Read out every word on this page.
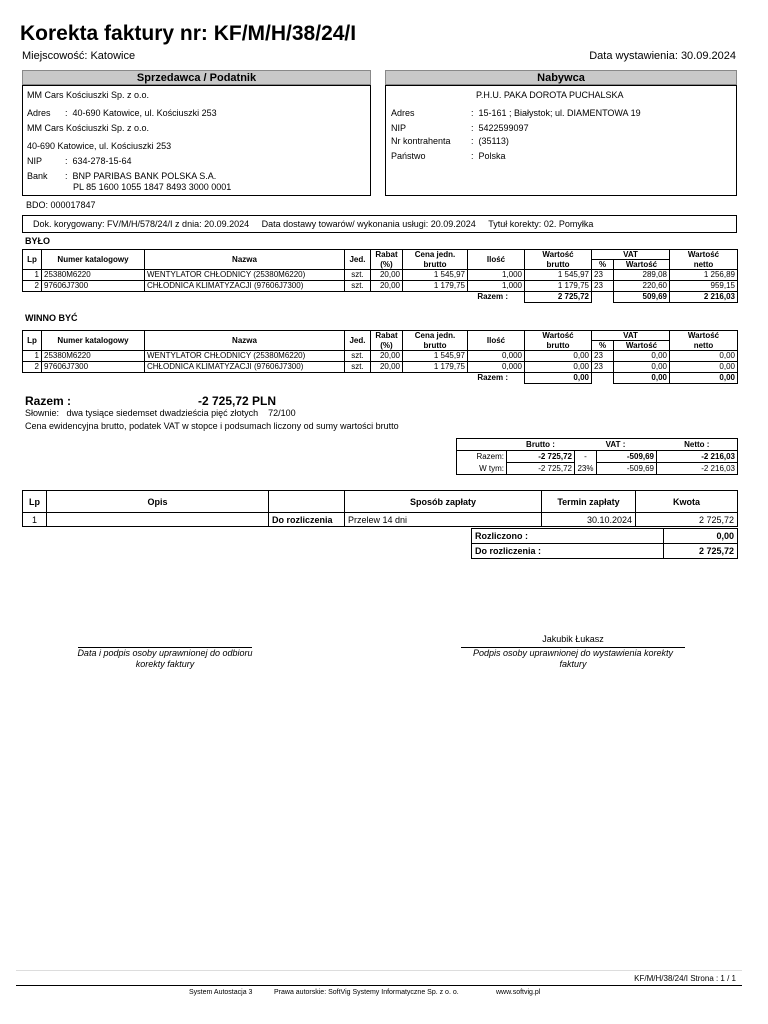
Korekta faktury nr: KF/M/H/38/24/I
Miejscowość: Katowice	Data wystawienia: 30.09.2024
Sprzedawca / Podatnik
MM Cars Kościuszki Sp. z o.o.
Adres :  40-690 Katowice, ul. Kościuszki 253
MM Cars Kościuszki Sp. z o.o.
40-690 Katowice, ul. Kościuszki 253
NIP	:  634-278-15-64
Bank :  BNP PARIBAS BANK POLSKA S.A.
PL 85 1600 1055 1847 8493 3000 0001
Nabywca
P.H.U. PAKA DOROTA PUCHALSKA
Adres	:  15-161 ; Białystok; ul. DIAMENTOWA 19
NIP	:  5422599097
Nr kontrahenta :  (35113)
Państwo	:  Polska
BDO: 000017847
Dok. korygowany: FV/M/H/578/24/I z dnia: 20.09.2024 Data dostawy towarów/ wykonania usługi: 20.09.2024 Tytuł korekty: 02. Pomyłka
BYŁO
Lp	Numer katalogowy	Nazwa	Jed.	Rabat	Cena jedn.	Ilość	Wartość	VAT		Wartość
				(%)	brutto		brutto	%	Wartość	netto
1	25380M6220	WENTYLATOR CHŁODNICY (25380M6220)	szt.	20,00	1 545,97	1,000	1 545,97	23	289,08	1 256,89
2	97606J7300	CHŁODNICA KLIMATYZACJI (97606J7300)	szt.	20,00	1 179,75	1,000	1 179,75	23	220,60	959,15
Razem :							2 725,72		509,69	2 216,03
WINNO BYĆ
Lp	Numer katalogowy	Nazwa	Jed.	Rabat	Cena jedn.	Ilość	Wartość	VAT		Wartość
				(%)	brutto		brutto	%	Wartość	netto
1	25380M6220	WENTYLATOR CHŁODNICY (25380M6220)	szt.	20,00	1 545,97	0,000	0,00	23	0,00	0,00
2	97606J7300	CHŁODNICA KLIMATYZACJI (97606J7300)	szt.	20,00	1 179,75	0,000	0,00	23	0,00	0,00
Razem :							0,00		0,00	0,00
Razem :	-2 725,72 PLN
Słownie: dwa tysiące siedemset dwadzieścia pięć złotych    72/100
Cena ewidencyjna brutto, podatek VAT w stopce i podsumach liczony od sumy wartości brutto
	Brutto :	VAT :		Netto :
Razem:	-2 725,72	-	-509,69	-2 216,03
W tym:	-2 725,72	23%	-509,69	-2 216,03
Lp	Opis		Sposób zapłaty	Termin zapłaty	Kwota
1		Do rozliczenia	Przelew 14 dni	30.10.2024	2 725,72
Rozliczono :	0,00
Do rozliczenia :	2 725,72
Data i podpis osoby uprawnionej do odbioru korekty faktury
Jakubik Łukasz
Podpis osoby uprawnionej do wystawienia korekty faktury
KF/M/H/38/24/I Strona : 1 / 1
System Autostacja 3	Prawa autorskie: SoftVig Systemy Informatyczne Sp. z o. o.	www.softvig.pl
